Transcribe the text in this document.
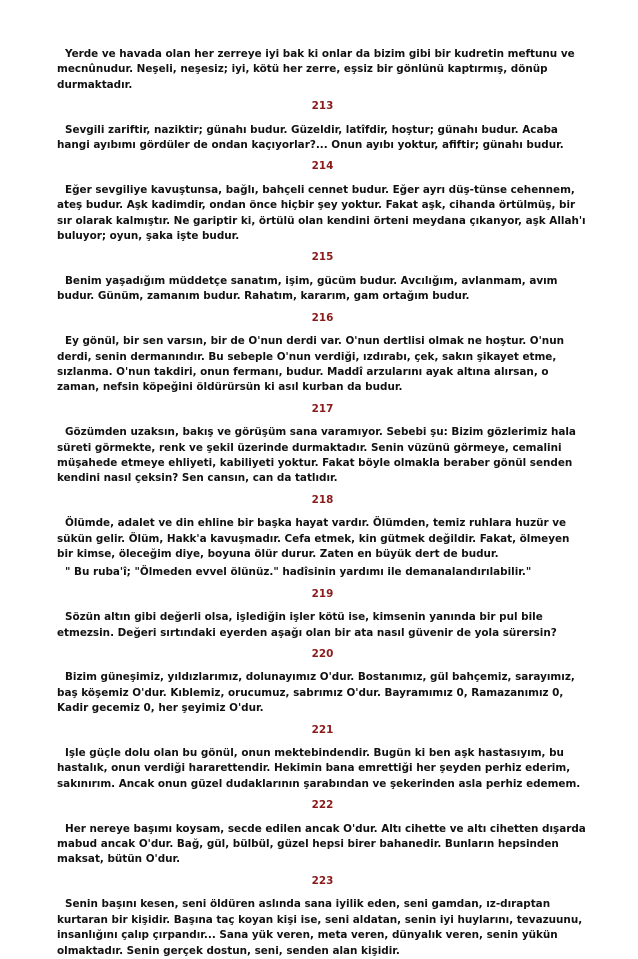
Yerde ve havada olan her zerreye iyi bak ki onlar da bizim gibi bir kudretin meftunu ve mecnûnudur. Neşeli, neşesiz; iyi, kötü her zerre, eşsiz bir gönlünü kaptırmış, dönüp durmaktadır.

213

Sevgili zariftir, naziktir; günahı budur. Güzeldir, latîfdir, hoştur; günahı budur. Acaba hangi ayıbımı gördüler de ondan kaçıyorlar?... Onun ayıbı yoktur, afiftir; günahı budur.

214

Eğer sevgiliye kavuştunsa, bağlı, bahçeli cennet budur. Eğer ayrı düş-tünse cehennem, ateş budur. Aşk kadimdir, ondan önce hiçbir şey yoktur. Fakat aşk, cihanda örtülmüş, bir sır olarak kalmıştır. Ne gariptir ki, örtülü olan kendini örteni meydana çıkanyor, aşk Allah'ı buluyor; oyun, şaka işte budur.

215

Benim yaşadığım müddetçe sanatım, işim, gücüm budur. Avcılığım, avlanmam, avım budur. Günüm, zamanım budur. Rahatım, kararım, gam ortağım budur.

216

Ey gönül, bir sen varsın, bir de O'nun derdi var. O'nun dertlisi olmak ne hoştur. O'nun derdi, senin dermanındır. Bu sebeple O'nun verdiği, ızdırabı, çek, sakın şikayet etme, sızlanma. O'nun takdiri, onun fermanı, budur. Maddî arzularını ayak altına alırsan, o zaman, nefsin köpeğini öldürürsün ki asıl kurban da budur.

217

Gözümden uzaksın, bakış ve görüşüm sana varamıyor. Sebebi şu: Bizim gözlerimiz hala süreti görmekte, renk ve şekil üzerinde durmaktadır. Senin vüzünü görmeye, cemalini müşahede etmeye ehliyeti, kabiliyeti yoktur. Fakat böyle olmakla beraber gönül senden kendini nasıl çeksin? Sen cansın, can da tatlıdır.

218

Ölümde, adalet ve din ehline bir başka hayat vardır. Ölümden, temiz ruhlara huzür ve sükün gelir. Ölüm, Hakk'a kavuşmadır. Cefa etmek, kin gütmek değildir. Fakat, ölmeyen bir kimse, öleceğim diye, boyuna ölür durur. Zaten en büyük dert de budur.

" Bu ruba'î; "Ölmeden evvel ölünüz." hadîsinin yardımı ile demanalandırılabilir."

219

Sözün altın gibi değerli olsa, işlediğin işler kötü ise, kimsenin yanında bir pul bile etmezsin. Değeri sırtındaki eyerden aşağı olan bir ata nasıl güvenir de yola sürersin?

220

Bizim güneşimiz, yıldızlarımız, dolunayımız O'dur. Bostanımız, gül bahçemiz, sarayımız, baş köşemiz O'dur. Kıblemiz, orucumuz, sabrımız O'dur. Bayramımız 0, Ramazanımız 0, Kadir gecemiz 0, her şeyimiz O'dur.

221

Işle güçle dolu olan bu gönül, onun mektebindendir. Bugün ki ben aşk hastasıyım, bu hastalık, onun verdiği hararettendir. Hekimin bana emrettiği her şeyden perhiz ederim, sakınırım. Ancak onun güzel dudaklarının şarabından ve şekerinden asla perhiz edemem.

222

Her nereye başımı koysam, secde edilen ancak O'dur. Altı cihette ve altı cihetten dışarda mabud ancak O'dur. Bağ, gül, bülbül, güzel hepsi birer bahanedir. Bunların hepsinden maksat, bütün O'dur.

223

Senin başını kesen, seni öldüren aslında sana iyilik eden, seni gamdan, ız-dıraptan kurtaran bir kişidir. Başına taç koyan kişi ise, seni aldatan, senin iyi huylarını, tevazuunu, insanlığını çalıp çırpandır... Sana yük veren, meta veren, dünyalık veren, senin yükün olmaktadır. Senin gerçek dostun, seni, senden alan kişidir.
